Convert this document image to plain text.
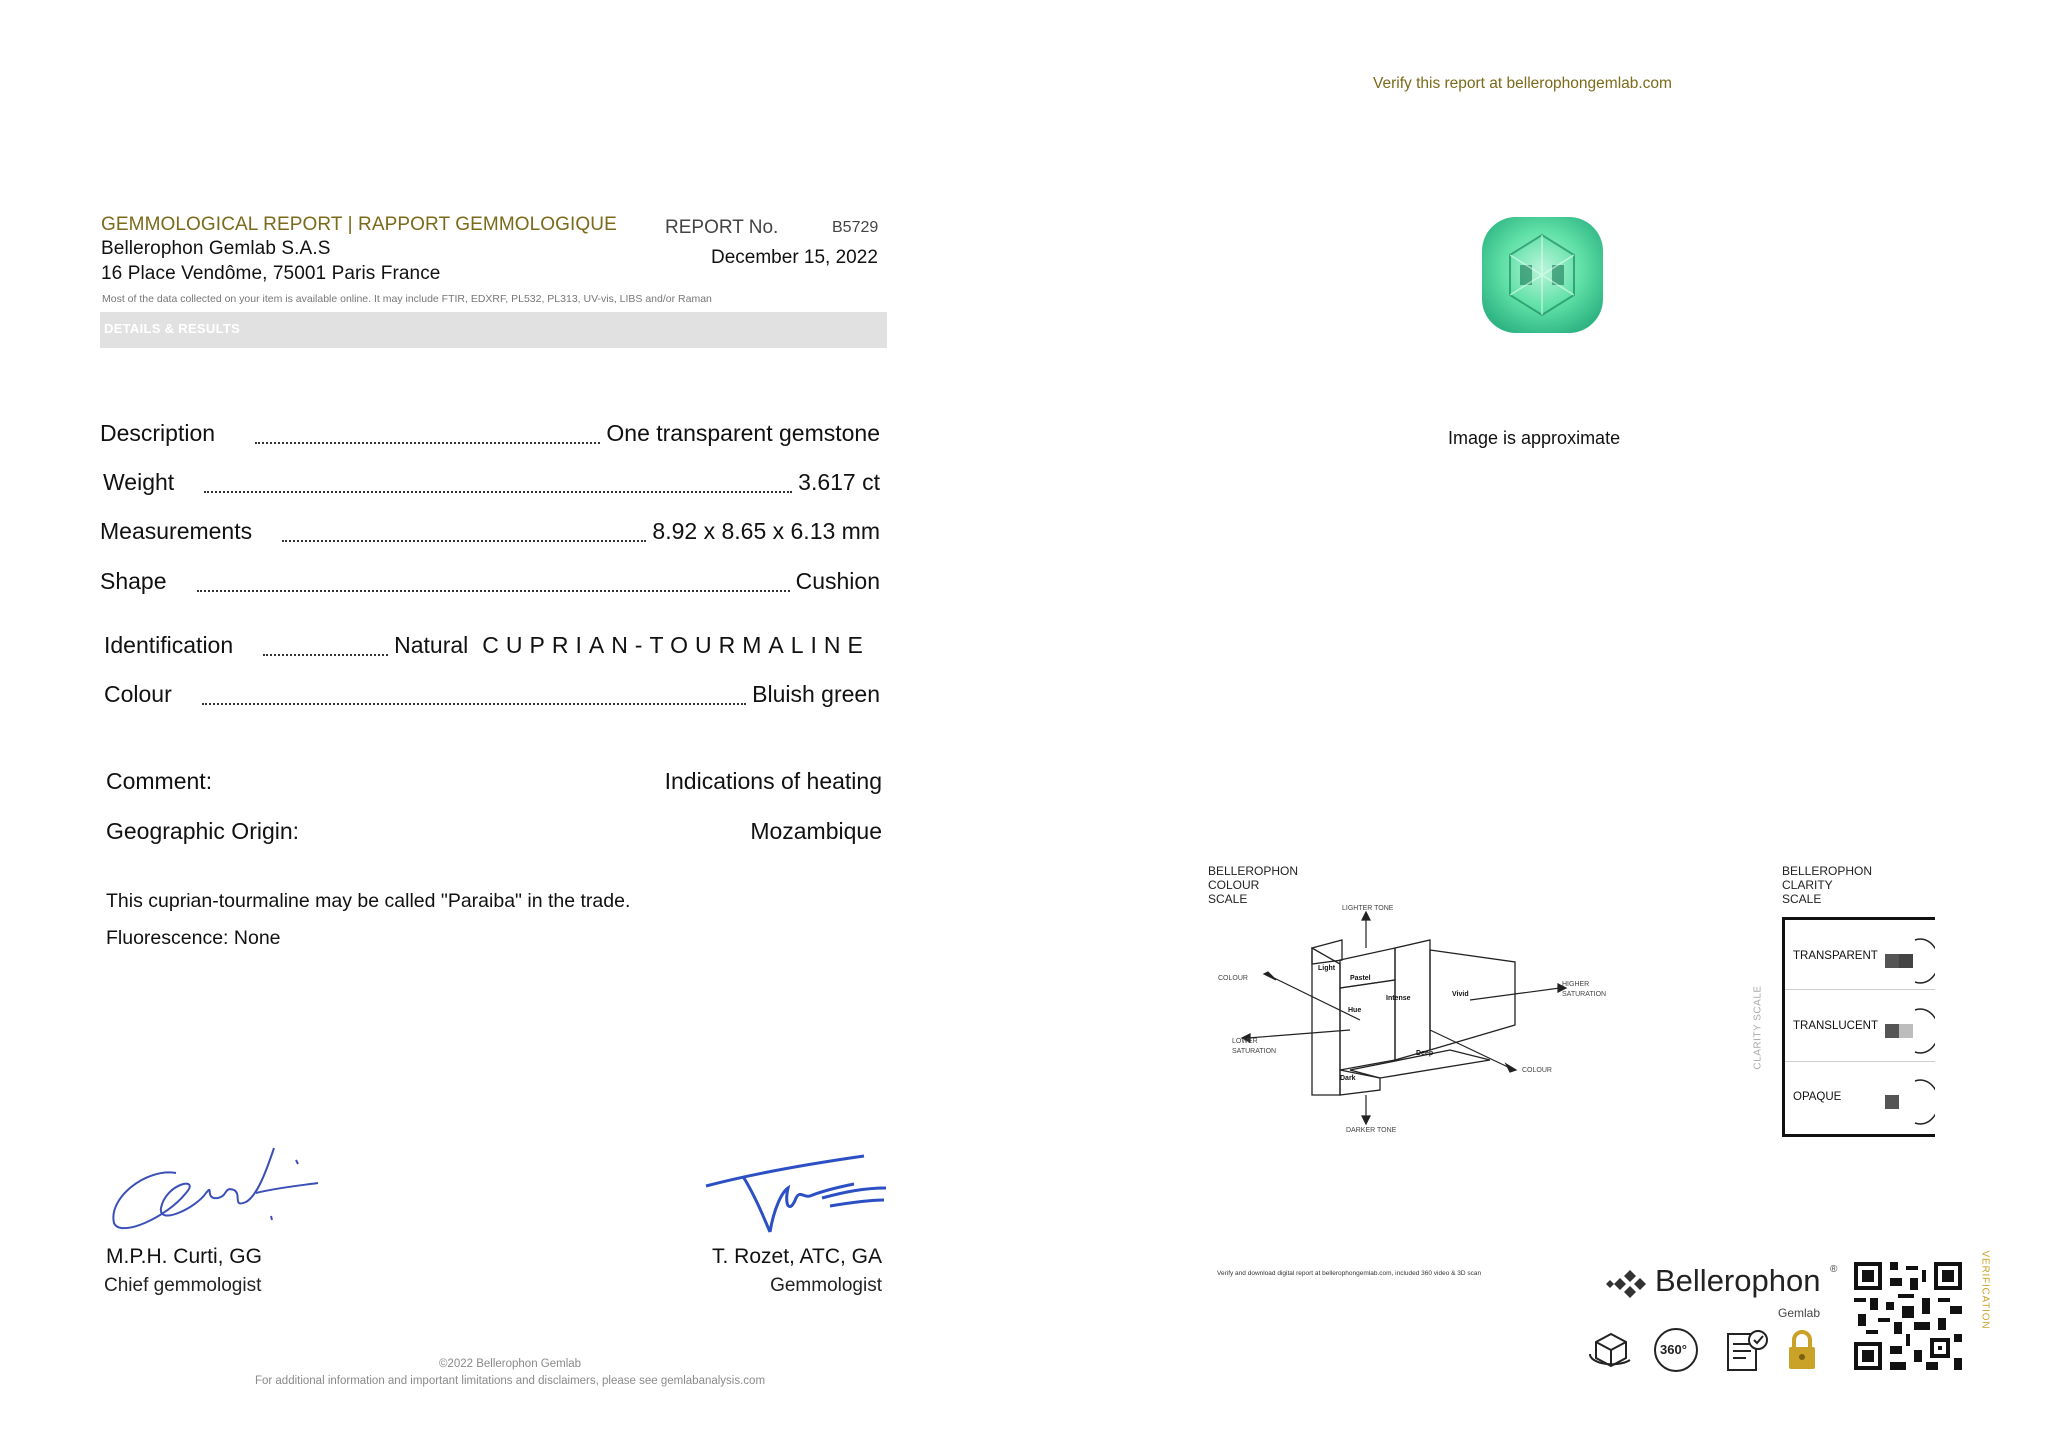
Verify this report at bellerophongemlab.com
GEMMOLOGICAL REPORT | RAPPORT GEMMOLOGIQUE
Bellerophon Gemlab S.A.S
16 Place Vendôme, 75001 Paris France
REPORT No.	B5729
December 15, 2022
Most of the data collected on your item is available online. It may include FTIR, EDXRF, PL532, PL313, UV-vis, LIBS and/or Raman
DETAILS & RESULTS
Description	One transparent gemstone
Weight	3.617 ct
Measurements	8.92 x 8.65 x 6.13 mm
Shape	Cushion
Identification	Natural CUPRIAN-TOURMALINE
Colour	Bluish green
Comment:	Indications of heating
Geographic Origin:	Mozambique
This cuprian-tourmaline may be called "Paraiba" in the trade.
Fluorescence: None
M.P.H. Curti, GG
Chief gemmologist
T. Rozet, ATC, GA
Gemmologist
©2022 Bellerophon Gemlab
For additional information and important limitations and disclaimers, please see gemlabanalysis.com
Image is approximate
BELLEROPHON
COLOUR
SCALE
LIGHTER TONE
DARKER TONE
COLOUR
COLOUR
HIGHER
SATURATION
LOWER
SATURATION
Light
Pastel
Hue
Intense
Vivid
Deep
Dark
BELLEROPHON
CLARITY
SCALE
CLARITY SCALE
TRANSPARENT
TRANSLUCENT
OPAQUE
Verify and download digital report at bellerophongemlab.com, included 360 video & 3D scan	Bellerophon ®
Gemlab
360°
VERIFICATION
